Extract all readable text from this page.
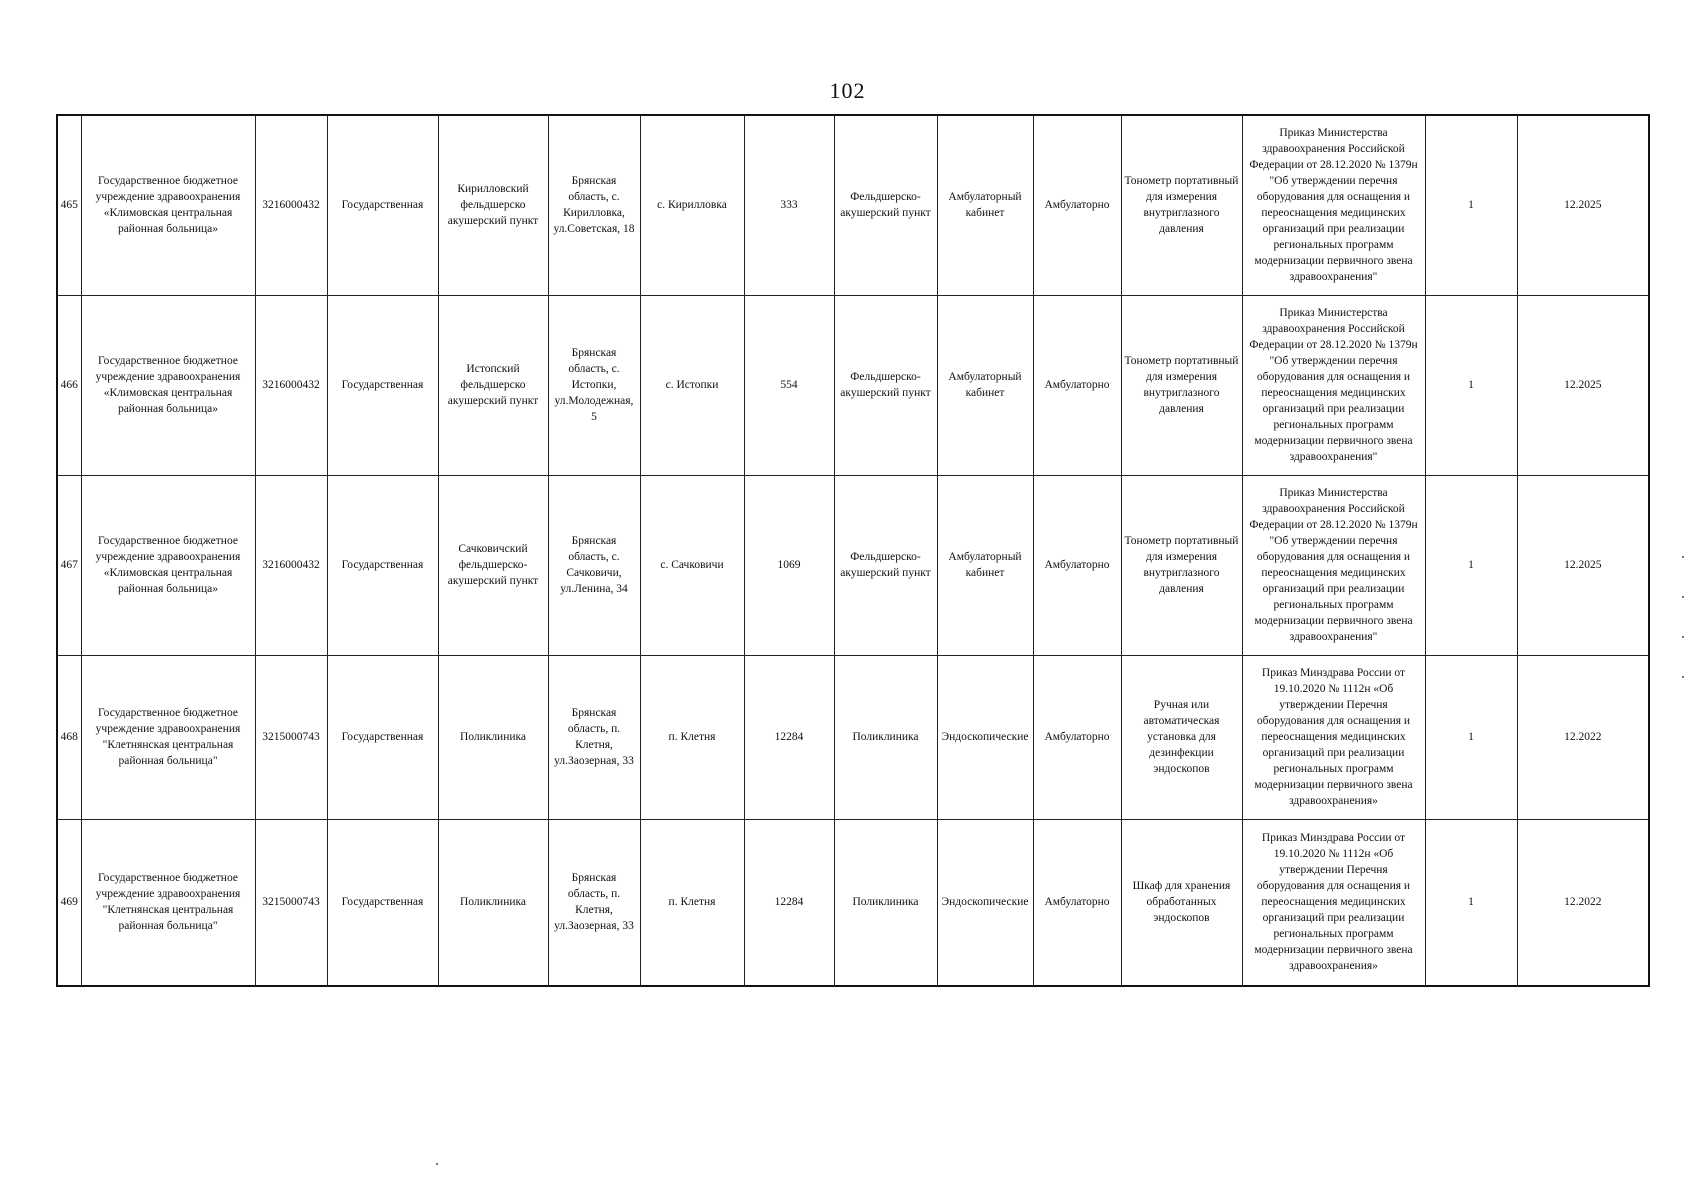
102
465	Государственное бюджетное учреждение здравоохранения «Климовская центральная районная больница»	3216000432	Государственная	Кирилловский фельдшерско акушерский пункт	Брянская область, с. Кирилловка, ул.Советская, 18	с. Кирилловка	333	Фельдшерско-акушерский пункт	Амбулаторный кабинет	Амбулаторно	Тонометр портативный для измерения внутриглазного давления	Приказ Министерства здравоохранения Российской Федерации от 28.12.2020 № 1379н "Об утверждении перечня оборудования для оснащения и переоснащения медицинских организаций при реализации региональных программ модернизации первичного звена здравоохранения"	1	12.2025
466	Государственное бюджетное учреждение здравоохранения «Климовская центральная районная больница»	3216000432	Государственная	Истопский фельдшерско акушерский пункт	Брянская область, с. Истопки, ул.Молодежная, 5	с. Истопки	554	Фельдшерско-акушерский пункт	Амбулаторный кабинет	Амбулаторно	Тонометр портативный для измерения внутриглазного давления	Приказ Министерства здравоохранения Российской Федерации от 28.12.2020 № 1379н "Об утверждении перечня оборудования для оснащения и переоснащения медицинских организаций при реализации региональных программ модернизации первичного звена здравоохранения"	1	12.2025
467	Государственное бюджетное учреждение здравоохранения «Климовская центральная районная больница»	3216000432	Государственная	Сачковичский фельдшерско-акушерский пункт	Брянская область, с. Сачковичи, ул.Ленина, 34	с. Сачковичи	1069	Фельдшерско-акушерский пункт	Амбулаторный кабинет	Амбулаторно	Тонометр портативный для измерения внутриглазного давления	Приказ Министерства здравоохранения Российской Федерации от 28.12.2020 № 1379н "Об утверждении перечня оборудования для оснащения и переоснащения медицинских организаций при реализации региональных программ модернизации первичного звена здравоохранения"	1	12.2025
468	Государственное бюджетное учреждение здравоохранения "Клетнянская центральная районная больница"	3215000743	Государственная	Поликлиника	Брянская область, п. Клетня, ул.Заозерная, 33	п. Клетня	12284	Поликлиника	Эндоскопические	Амбулаторно	Ручная или автоматическая установка для дезинфекции эндоскопов	Приказ Минздрава России от 19.10.2020 № 1112н «Об утверждении Перечня оборудования для оснащения и переоснащения медицинских организаций при реализации региональных программ модернизации первичного звена здравоохранения»	1	12.2022
469	Государственное бюджетное учреждение здравоохранения "Клетнянская центральная районная больница"	3215000743	Государственная	Поликлиника	Брянская область, п. Клетня, ул.Заозерная, 33	п. Клетня	12284	Поликлиника	Эндоскопические	Амбулаторно	Шкаф для хранения обработанных эндоскопов	Приказ Минздрава России от 19.10.2020 № 1112н «Об утверждении Перечня оборудования для оснащения и переоснащения медицинских организаций при реализации региональных программ модернизации первичного звена здравоохранения»	1	12.2022
